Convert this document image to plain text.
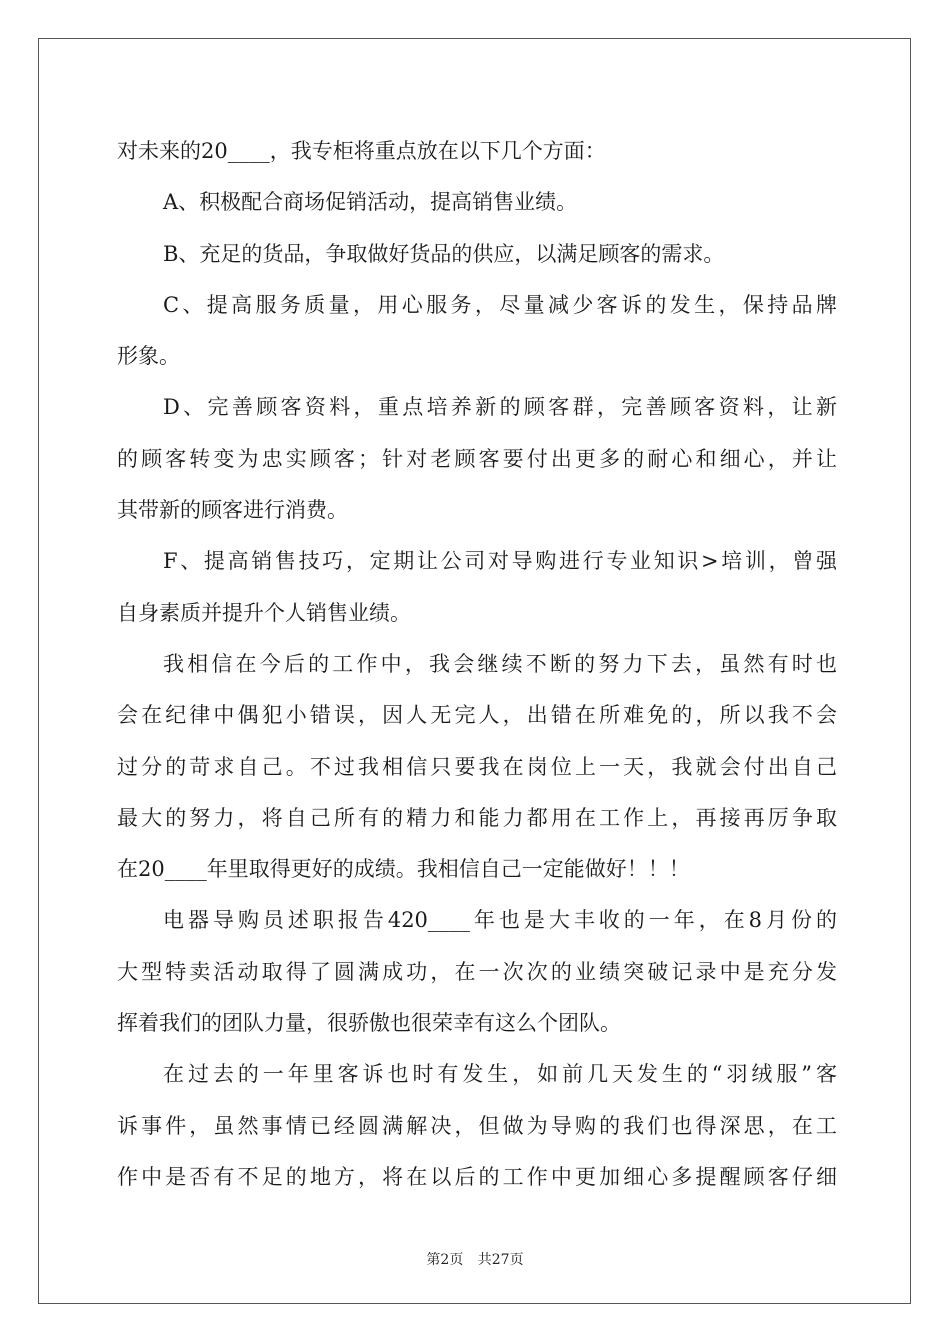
对未来的20____，我专柜将重点放在以下几个方面：
A、积极配合商场促销活动，提高销售业绩。
B、充足的货品，争取做好货品的供应，以满足顾客的需求。
C、提高服务质量，用心服务，尽量减少客诉的发生，保持品牌
形象。
D、完善顾客资料，重点培养新的顾客群，完善顾客资料，让新
的顾客转变为忠实顾客；针对老顾客要付出更多的耐心和细心，并让
其带新的顾客进行消费。
F、提高销售技巧，定期让公司对导购进行专业知识>培训，曾强
自身素质并提升个人销售业绩。
我相信在今后的工作中，我会继续不断的努力下去，虽然有时也
会在纪律中偶犯小错误，因人无完人，出错在所难免的，所以我不会
过分的苛求自己。不过我相信只要我在岗位上一天，我就会付出自己
最大的努力，将自己所有的精力和能力都用在工作上，再接再厉争取
在20____年里取得更好的成绩。我相信自己一定能做好！！！
电器导购员述职报告420____年也是大丰收的一年，在8月份的
大型特卖活动取得了圆满成功，在一次次的业绩突破记录中是充分发
挥着我们的团队力量，很骄傲也很荣幸有这么个团队。
在过去的一年里客诉也时有发生，如前几天发生的“羽绒服”客
诉事件，虽然事情已经圆满解决，但做为导购的我们也得深思，在工
作中是否有不足的地方，将在以后的工作中更加细心多提醒顾客仔细
第2页 共27页
